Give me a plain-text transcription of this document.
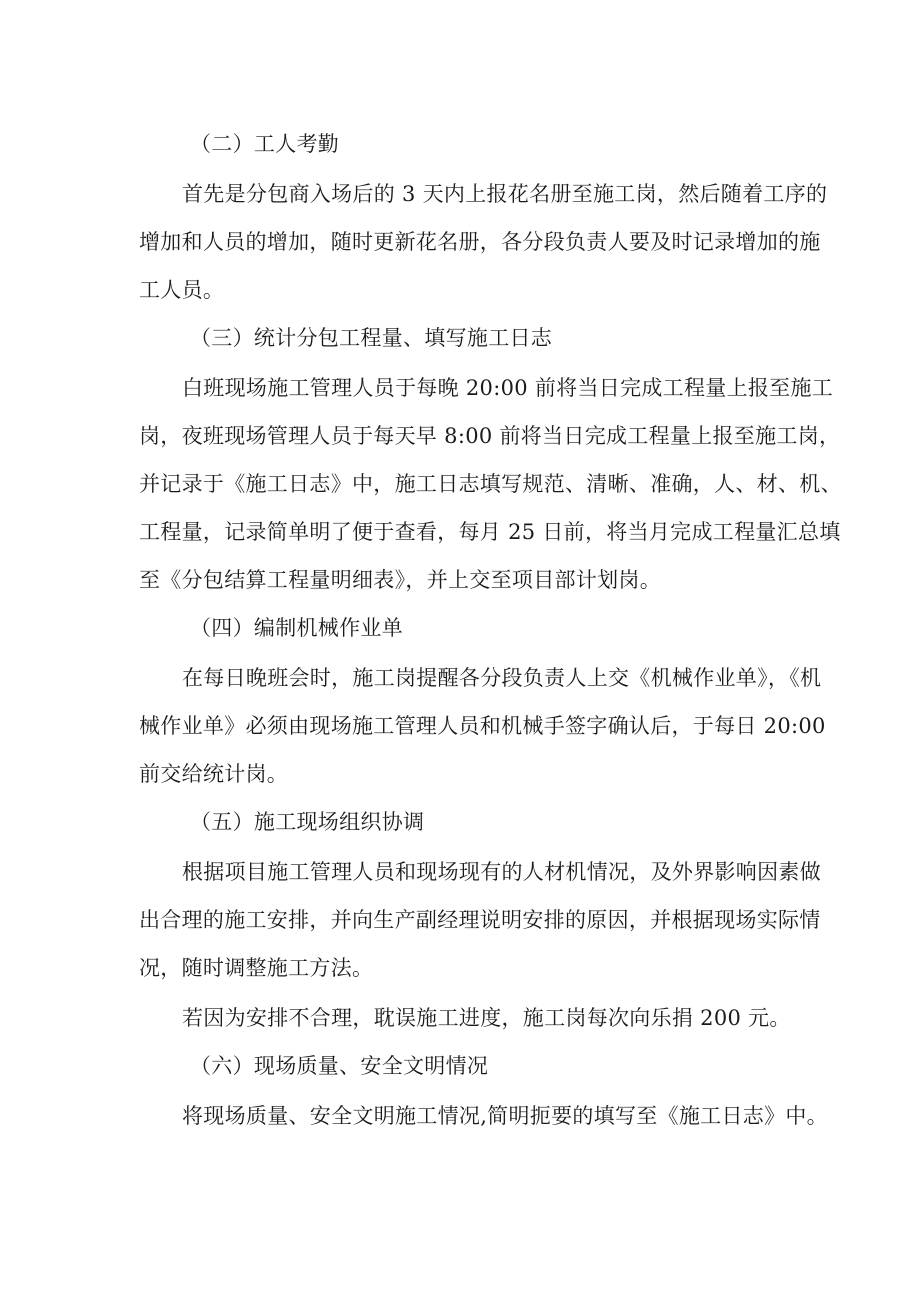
（二）工人考勤
首先是分包商入场后的 3 天内上报花名册至施工岗，然后随着工序的
增加和人员的增加，随时更新花名册，各分段负责人要及时记录增加的施
工人员。
（三）统计分包工程量、填写施工日志
白班现场施工管理人员于每晚 20:00 前将当日完成工程量上报至施工
岗，夜班现场管理人员于每天早 8:00 前将当日完成工程量上报至施工岗，
并记录于《施工日志》中，施工日志填写规范、清晰、准确，人、材、机、
工程量，记录简单明了便于查看，每月 25 日前，将当月完成工程量汇总填
至《分包结算工程量明细表》，并上交至项目部计划岗。
（四）编制机械作业单
在每日晚班会时，施工岗提醒各分段负责人上交《机械作业单》，《机
械作业单》必须由现场施工管理人员和机械手签字确认后，于每日 20:00
前交给统计岗。
（五）施工现场组织协调
根据项目施工管理人员和现场现有的人材机情况，及外界影响因素做
出合理的施工安排，并向生产副经理说明安排的原因，并根据现场实际情
况，随时调整施工方法。
若因为安排不合理，耽误施工进度，施工岗每次向乐捐 200 元。
（六）现场质量、安全文明情况
将现场质量、安全文明施工情况,简明扼要的填写至《施工日志》中。
